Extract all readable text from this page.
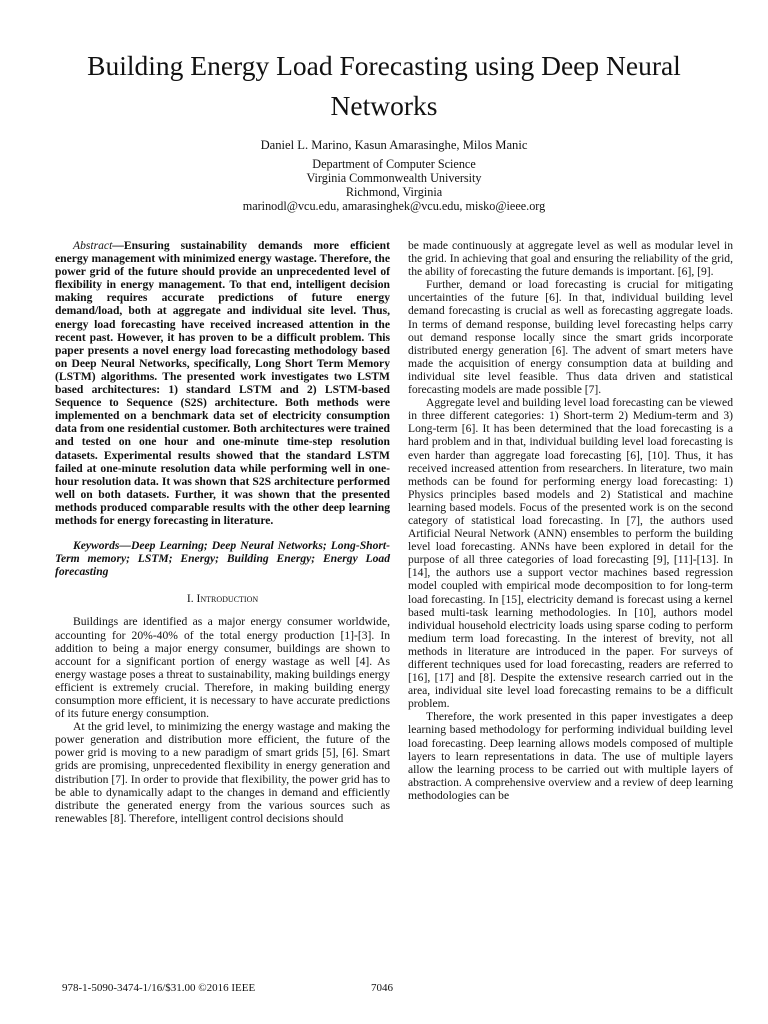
Building Energy Load Forecasting using Deep Neural Networks
Daniel L. Marino, Kasun Amarasinghe, Milos Manic
Department of Computer Science
Virginia Commonwealth University
Richmond, Virginia
marinodl@vcu.edu, amarasinghek@vcu.edu, misko@ieee.org

Abstract—Ensuring sustainability demands more efficient energy management with minimized energy wastage. Therefore, the power grid of the future should provide an unprecedented level of flexibility in energy management. To that end, intelligent decision making requires accurate predictions of future energy demand/load, both at aggregate and individual site level. Thus, energy load forecasting have received increased attention in the recent past. However, it has proven to be a difficult problem. This paper presents a novel energy load forecasting methodology based on Deep Neural Networks, specifically, Long Short Term Memory (LSTM) algorithms. The presented work investigates two LSTM based architectures: 1) standard LSTM and 2) LSTM-based Sequence to Sequence (S2S) architecture. Both methods were implemented on a benchmark data set of electricity consumption data from one residential customer. Both architectures were trained and tested on one hour and one-minute time-step resolution datasets. Experimental results showed that the standard LSTM failed at one-minute resolution data while performing well in one-hour resolution data. It was shown that S2S architecture performed well on both datasets. Further, it was shown that the presented methods produced comparable results with the other deep learning methods for energy forecasting in literature.

Keywords—Deep Learning; Deep Neural Networks; Long-Short-Term memory; LSTM; Energy; Building Energy; Energy Load forecasting

I. Introduction

Buildings are identified as a major energy consumer worldwide, accounting for 20%-40% of the total energy production [1]-[3]. In addition to being a major energy consumer, buildings are shown to account for a significant portion of energy wastage as well [4]. As energy wastage poses a threat to sustainability, making buildings energy efficient is extremely crucial. Therefore, in making building energy consumption more efficient, it is necessary to have accurate predictions of its future energy consumption.

At the grid level, to minimizing the energy wastage and making the power generation and distribution more efficient, the future of the power grid is moving to a new paradigm of smart grids [5], [6]. Smart grids are promising, unprecedented flexibility in energy generation and distribution [7]. In order to provide that flexibility, the power grid has to be able to dynamically adapt to the changes in demand and efficiently distribute the generated energy from the various sources such as renewables [8]. Therefore, intelligent control decisions should

be made continuously at aggregate level as well as modular level in the grid. In achieving that goal and ensuring the reliability of the grid, the ability of forecasting the future demands is important. [6], [9].

Further, demand or load forecasting is crucial for mitigating uncertainties of the future [6]. In that, individual building level demand forecasting is crucial as well as forecasting aggregate loads. In terms of demand response, building level forecasting helps carry out demand response locally since the smart grids incorporate distributed energy generation [6]. The advent of smart meters have made the acquisition of energy consumption data at building and individual site level feasible. Thus data driven and statistical forecasting models are made possible [7].

Aggregate level and building level load forecasting can be viewed in three different categories: 1) Short-term 2) Medium-term and 3) Long-term [6]. It has been determined that the load forecasting is a hard problem and in that, individual building level load forecasting is even harder than aggregate load forecasting [6], [10]. Thus, it has received increased attention from researchers. In literature, two main methods can be found for performing energy load forecasting: 1) Physics principles based models and 2) Statistical and machine learning based models. Focus of the presented work is on the second category of statistical load forecasting. In [7], the authors used Artificial Neural Network (ANN) ensembles to perform the building level load forecasting. ANNs have been explored in detail for the purpose of all three categories of load forecasting [9], [11]-[13]. In [14], the authors use a support vector machines based regression model coupled with empirical mode decomposition to for long-term load forecasting. In [15], electricity demand is forecast using a kernel based multi-task learning methodologies. In [10], authors model individual household electricity loads using sparse coding to perform medium term load forecasting. In the interest of brevity, not all methods in literature are introduced in the paper. For surveys of different techniques used for load forecasting, readers are referred to [16], [17] and [8]. Despite the extensive research carried out in the area, individual site level load forecasting remains to be a difficult problem.

Therefore, the work presented in this paper investigates a deep learning based methodology for performing individual building level load forecasting. Deep learning allows models composed of multiple layers to learn representations in data. The use of multiple layers allow the learning process to be carried out with multiple layers of abstraction. A comprehensive overview and a review of deep learning methodologies can be

978-1-5090-3474-1/16/$31.00 ©2016 IEEE	7046
